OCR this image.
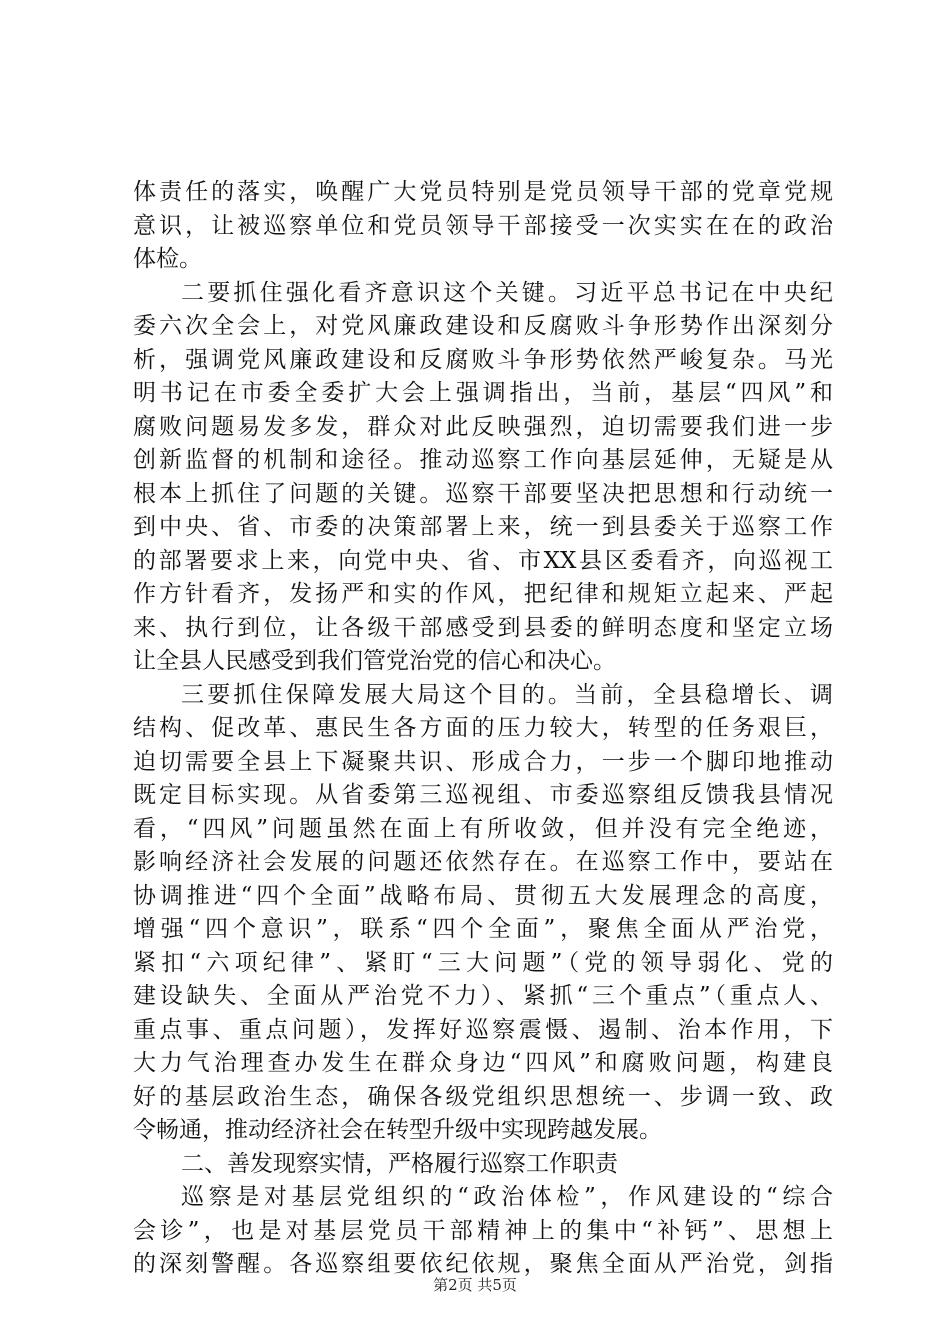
体责任的落实，唤醒广大党员特别是党员领导干部的党章党规
意识，让被巡察单位和党员领导干部接受一次实实在在的政治
体检。
二要抓住强化看齐意识这个关键。习近平总书记在中央纪
委六次全会上，对党风廉政建设和反腐败斗争形势作出深刻分
析，强调党风廉政建设和反腐败斗争形势依然严峻复杂。马光
明书记在市委全委扩大会上强调指出，当前，基层“四风”和
腐败问题易发多发，群众对此反映强烈，迫切需要我们进一步
创新监督的机制和途径。推动巡察工作向基层延伸，无疑是从
根本上抓住了问题的关键。巡察干部要坚决把思想和行动统一
到中央、省、市委的决策部署上来，统一到县委关于巡察工作
的部署要求上来，向党中央、省、市XX县区委看齐，向巡视工
作方针看齐，发扬严和实的作风，把纪律和规矩立起来、严起
来、执行到位，让各级干部感受到县委的鲜明态度和坚定立场
让全县人民感受到我们管党治党的信心和决心。
三要抓住保障发展大局这个目的。当前，全县稳增长、调
结构、促改革、惠民生各方面的压力较大，转型的任务艰巨，
迫切需要全县上下凝聚共识、形成合力，一步一个脚印地推动
既定目标实现。从省委第三巡视组、市委巡察组反馈我县情况
看，“四风”问题虽然在面上有所收敛，但并没有完全绝迹，
影响经济社会发展的问题还依然存在。在巡察工作中，要站在
协调推进“四个全面”战略布局、贯彻五大发展理念的高度，
增强“四个意识”，联系“四个全面”，聚焦全面从严治党，
紧扣“六项纪律”、紧盯“三大问题”（党的领导弱化、党的
建设缺失、全面从严治党不力）、紧抓“三个重点”（重点人、
重点事、重点问题），发挥好巡察震慑、遏制、治本作用，下
大力气治理查办发生在群众身边“四风”和腐败问题，构建良
好的基层政治生态，确保各级党组织思想统一、步调一致、政
令畅通，推动经济社会在转型升级中实现跨越发展。
二、善发现察实情，严格履行巡察工作职责
巡察是对基层党组织的“政治体检”，作风建设的“综合
会诊”，也是对基层党员干部精神上的集中“补钙”、思想上
的深刻警醒。各巡察组要依纪依规，聚焦全面从严治党，剑指
第2页 共5页
